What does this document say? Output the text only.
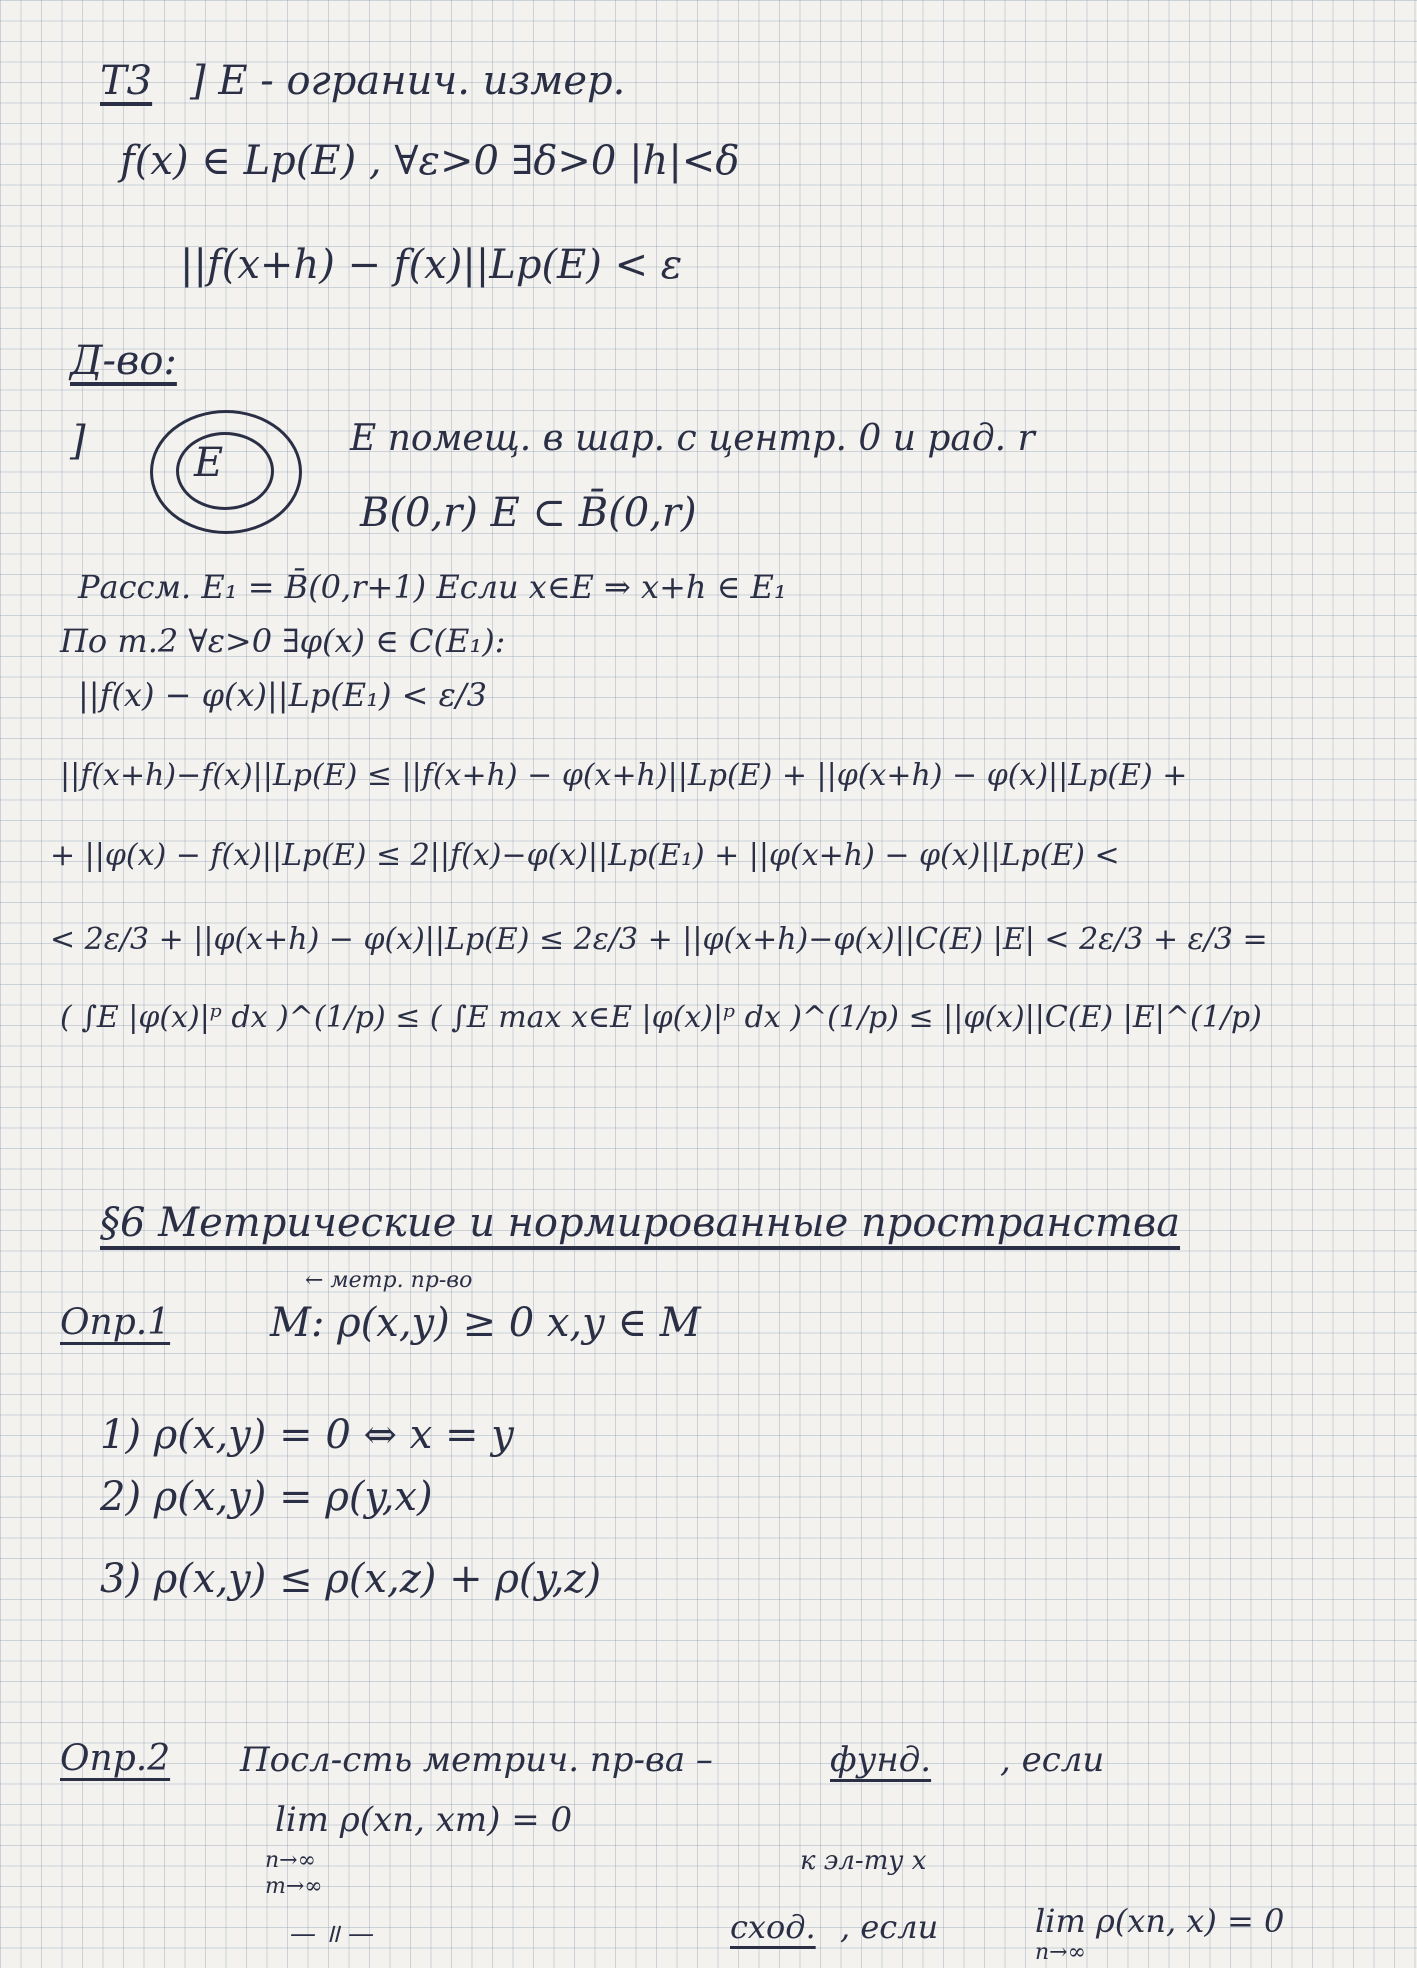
Т3 ] E - огранич. измер.
f(x) ∈ Lp(E) , ∀ε>0 ∃δ>0 |h|<δ
||f(x+h) − f(x)||Lp(E) < ε
Д-во:
]	E
E помещ. в шар. с центр. 0 и рад. r
B(0,r) E ⊂ B̄(0,r)
Рассм. E₁ = B̄(0,r+1) Если x∈E ⇒ x+h ∈ E₁
По т.2 ∀ε>0 ∃φ(x) ∈ C(E₁):
||f(x) − φ(x)||Lp(E₁) < ε/3
||f(x+h)−f(x)||Lp(E) ≤ ||f(x+h) − φ(x+h)||Lp(E) + ||φ(x+h) − φ(x)||Lp(E) +
+ ||φ(x) − f(x)||Lp(E) ≤ 2||f(x)−φ(x)||Lp(E₁) + ||φ(x+h) − φ(x)||Lp(E) <
< 2ε/3 + ||φ(x+h) − φ(x)||Lp(E) ≤ 2ε/3 + ||φ(x+h)−φ(x)||C(E) |E| < 2ε/3 + ε/3 =
( ∫E |φ(x)|ᵖ dx )^(1/p) ≤ ( ∫E max x∈E |φ(x)|ᵖ dx )^(1/p) ≤ ||φ(x)||C(E) |E|^(1/p)
§6 Метрические и нормированные пространства
← метр. пр-во
Опр.1 M: ρ(x,y) ≥ 0 x,y ∈ M
1) ρ(x,y) = 0 ⇔ x = y
2) ρ(x,y) = ρ(y,x)
3) ρ(x,y) ≤ ρ(x,z) + ρ(y,z)
Опр.2 Посл-сть метрич. пр-ва –	фунд. , если
lim ρ(xn, xm) = 0
n→∞
m→∞
к эл-ту x
— ॥ —	сход. , если	lim ρ(xn, x) = 0
n→∞
